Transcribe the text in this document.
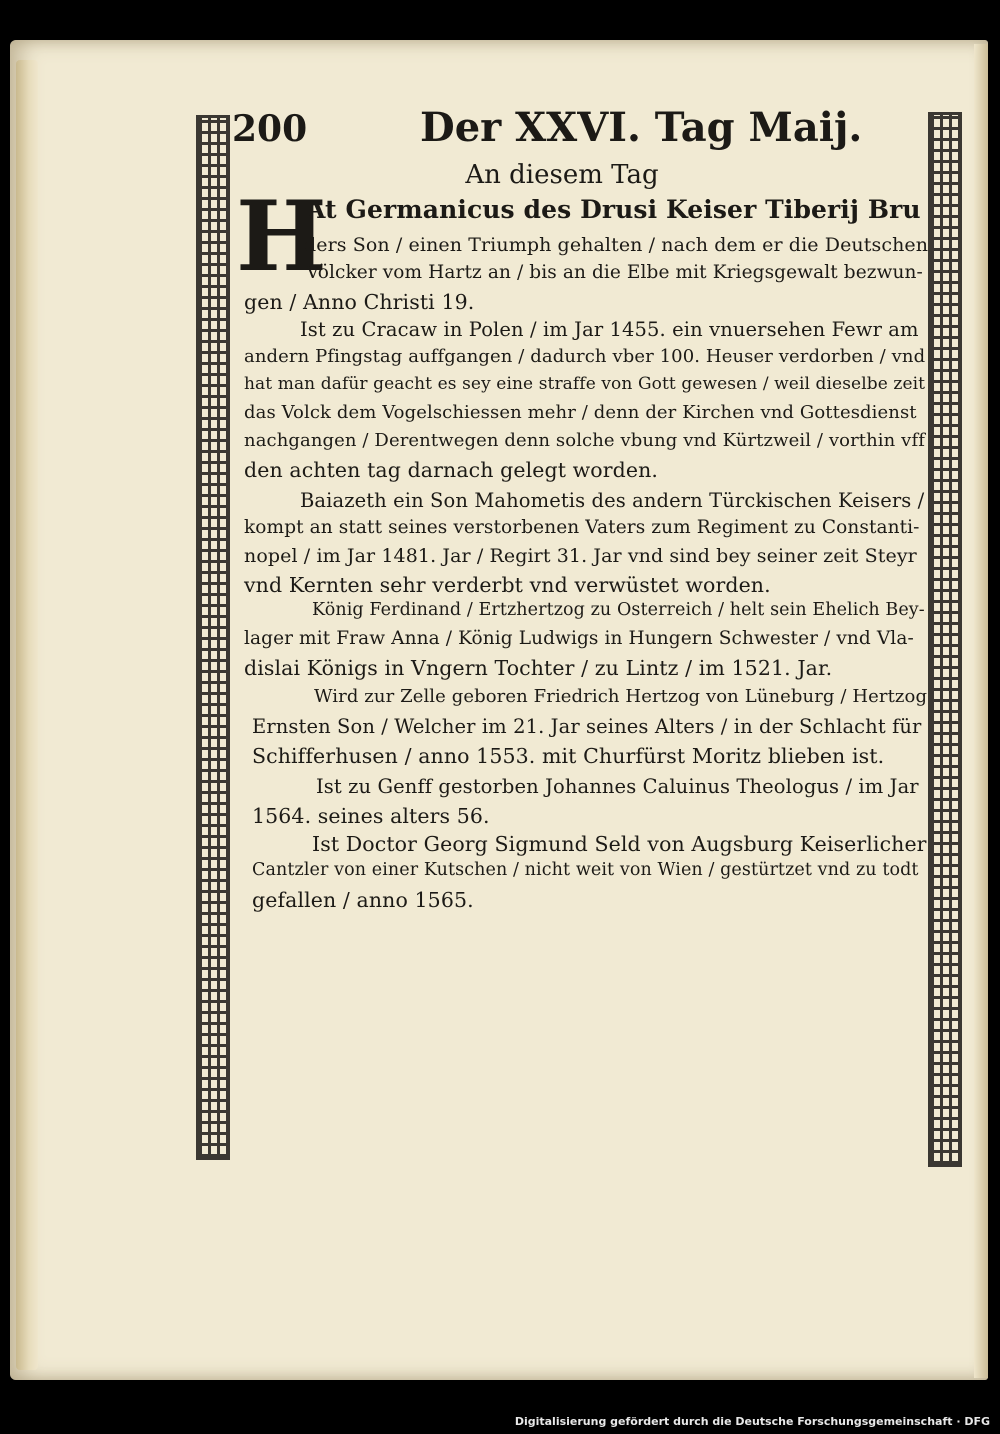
200	Der XXVI. Tag Maij.
An diesem Tag
H
At Germanicus des Drusi Keiser Tiberij Bru
ders Son / einen Triumph gehalten / nach dem er die Deutschen
Völcker vom Hartz an / bis an die Elbe mit Kriegsgewalt bezwun-
gen / Anno Christi 19.
Ist zu Cracaw in Polen / im Jar 1455. ein vnuersehen Fewr am
andern Pfingstag auffgangen / dadurch vber 100. Heuser verdorben / vnd
hat man dafür geacht es sey eine straffe von Gott gewesen / weil dieselbe zeit
das Volck dem Vogelschiessen mehr / denn der Kirchen vnd Gottesdienst
nachgangen / Derentwegen denn solche vbung vnd Kürtzweil / vorthin vff
den achten tag darnach gelegt worden.
Baiazeth ein Son Mahometis des andern Türckischen Keisers /
kompt an statt seines verstorbenen Vaters zum Regiment zu Constanti-
nopel / im Jar 1481. Jar / Regirt 31. Jar vnd sind bey seiner zeit Steyr
vnd Kernten sehr verderbt vnd verwüstet worden.
König Ferdinand / Ertzhertzog zu Osterreich / helt sein Ehelich Bey-
lager mit Fraw Anna / König Ludwigs in Hungern Schwester / vnd Vla-
dislai Königs in Vngern Tochter / zu Lintz / im 1521. Jar.
Wird zur Zelle geboren Friedrich Hertzog von Lüneburg / Hertzog
Ernsten Son / Welcher im 21. Jar seines Alters / in der Schlacht für
Schifferhusen / anno 1553. mit Churfürst Moritz blieben ist.
Ist zu Genff gestorben Johannes Caluinus Theologus / im Jar
1564. seines alters 56.
Ist Doctor Georg Sigmund Seld von Augsburg Keiserlicher
Cantzler von einer Kutschen / nicht weit von Wien / gestürtzet vnd zu todt
gefallen / anno 1565.
Digitalisierung gefördert durch die Deutsche Forschungsgemeinschaft · DFG
